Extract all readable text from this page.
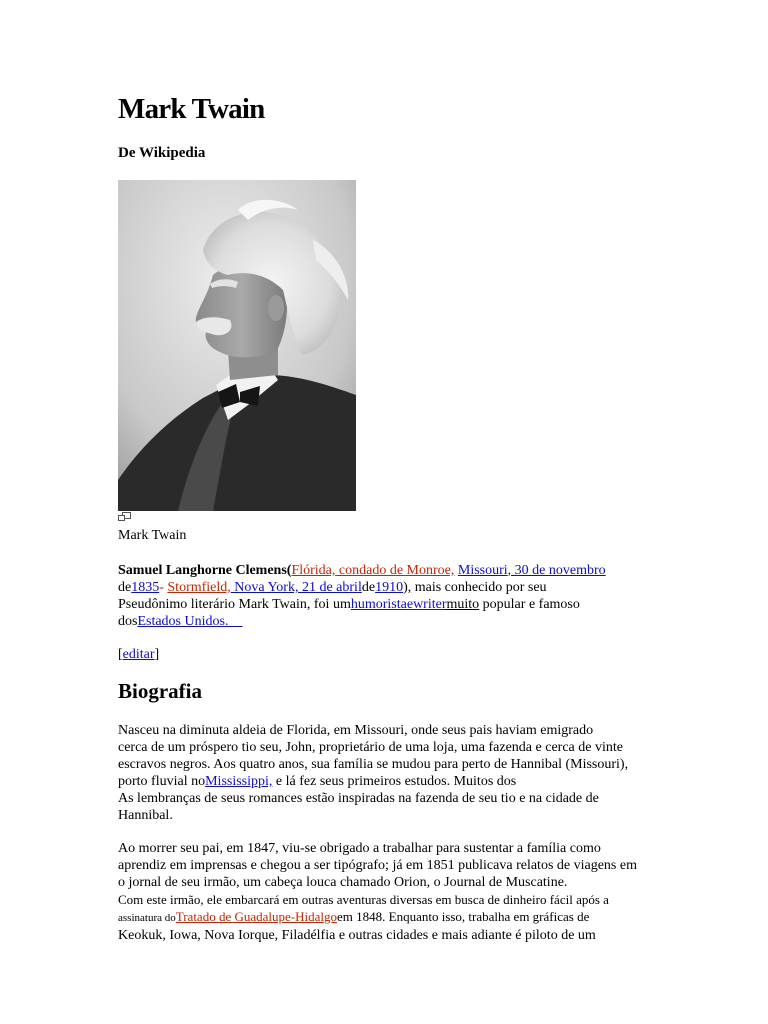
Mark Twain
De Wikipedia
Mark Twain
Samuel Langhorne Clemens(Flórida, condado de Monroe, Missouri, 30 de novembro
de1835- Stormfield, Nova York, 21 de abrilde1910), mais conhecido por seu
Pseudônimo literário Mark Twain, foi umhumoristaewritermuito popular e famoso
dosEstados Unidos.
[editar]
Biografia
Nasceu na diminuta aldeia de Florida, em Missouri, onde seus pais haviam emigrado
cerca de um próspero tio seu, John, proprietário de uma loja, uma fazenda e cerca de vinte
escravos negros. Aos quatro anos, sua família se mudou para perto de Hannibal (Missouri),
porto fluvial noMississippi, e lá fez seus primeiros estudos. Muitos dos
As lembranças de seus romances estão inspiradas na fazenda de seu tio e na cidade de
Hannibal.
Ao morrer seu pai, em 1847, viu-se obrigado a trabalhar para sustentar a família como
aprendiz em imprensas e chegou a ser tipógrafo; já em 1851 publicava relatos de viagens em
o jornal de seu irmão, um cabeça louca chamado Orion, o Journal de Muscatine.
Com este irmão, ele embarcará em outras aventuras diversas em busca de dinheiro fácil após a
assinatura doTratado de Guadalupe-Hidalgoem 1848. Enquanto isso, trabalha em gráficas de
Keokuk, Iowa, Nova Iorque, Filadélfia e outras cidades e mais adiante é piloto de um
